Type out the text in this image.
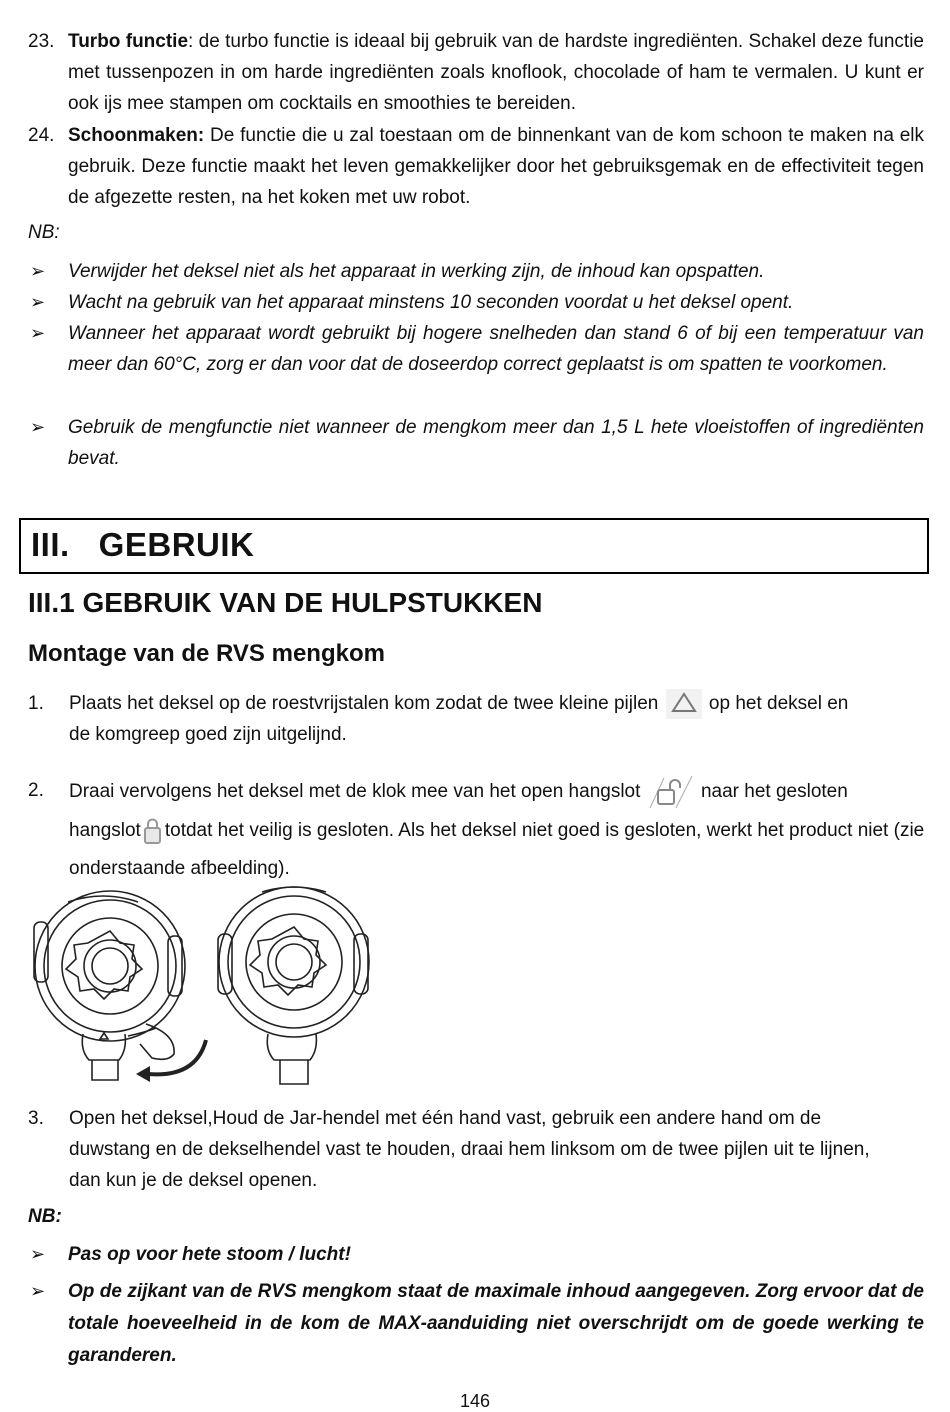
23. Turbo functie: de turbo functie is ideaal bij gebruik van de hardste ingrediënten. Schakel deze functie met tussenpozen in om harde ingrediënten zoals knoflook, chocolade of ham te vermalen. U kunt er ook ijs mee stampen om cocktails en smoothies te bereiden.
24. Schoonmaken: De functie die u zal toestaan om de binnenkant van de kom schoon te maken na elk gebruik. Deze functie maakt het leven gemakkelijker door het gebruiksgemak en de effectiviteit tegen de afgezette resten, na het koken met uw robot.
NB:
➢	Verwijder het deksel niet als het apparaat in werking zijn, de inhoud kan opspatten.
➢	Wacht na gebruik van het apparaat minstens 10 seconden voordat u het deksel opent.
➢	Wanneer het apparaat wordt gebruikt bij hogere snelheden dan stand 6 of bij een temperatuur van meer dan 60°C, zorg er dan voor dat de doseerdop correct geplaatst is om spatten te voorkomen.
➢	Gebruik de mengfunctie niet wanneer de mengkom meer dan 1,5 L hete vloeistoffen of ingrediënten bevat.
III.   GEBRUIK
III.1 GEBRUIK VAN DE HULPSTUKKEN
Montage van de RVS mengkom
1.	Plaats het deksel op de roestvrijstalen kom zodat de twee kleine pijlen	op het deksel en
de komgreep goed zijn uitgelijnd.
2.	Draai vervolgens het deksel met de klok mee van het open hangslot	naar het gesloten
hangslot totdat het veilig is gesloten. Als het deksel niet goed is gesloten, werkt het product niet (zie onderstaande afbeelding).
3.	Open het deksel,Houd de Jar-hendel met één hand vast, gebruik een andere hand om de duwstang en de dekselhendel vast te houden, draai hem linksom om de twee pijlen uit te lijnen, dan kun je de deksel openen.
NB:
➢	Pas op voor hete stoom / lucht!
➢	Op de zijkant van de RVS mengkom staat de maximale inhoud aangegeven. Zorg ervoor dat de totale hoeveelheid in de kom de MAX-aanduiding niet overschrijdt om de goede werking te garanderen.
146
